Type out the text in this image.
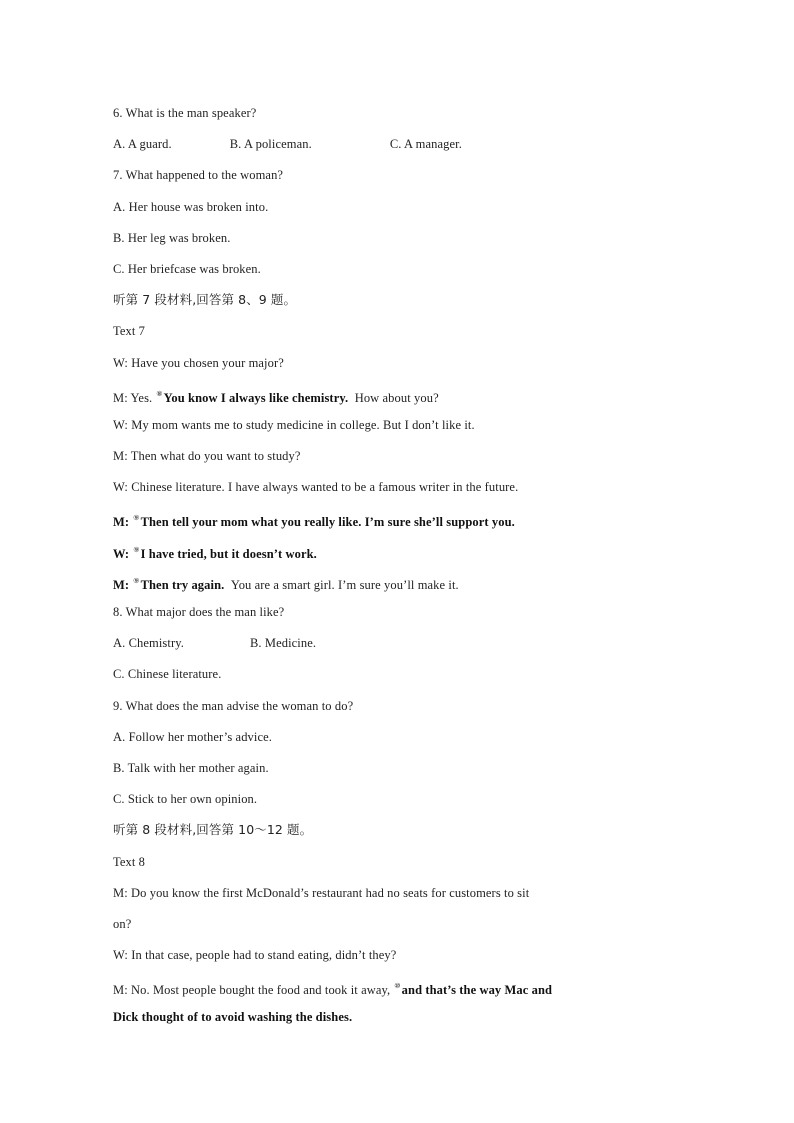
6. What is the man speaker?
A. A guard.	B. A policeman.	C. A manager.
7. What happened to the woman?
A. Her house was broken into.
B. Her leg was broken.
C. Her briefcase was broken.
听第 7 段材料,回答第 8、9 题。
Text 7
W: Have you chosen your major?
M: Yes. ⑧You know I always like chemistry. How about you?
W: My mom wants me to study medicine in college. But I don’t like it.
M: Then what do you want to study?
W: Chinese literature. I have always wanted to be a famous writer in the future.
M: ⑨Then tell your mom what you really like. I’m sure she’ll support you.
W: ⑨I have tried, but it doesn’t work.
M: ⑨Then try again. You are a smart girl. I’m sure you’ll make it.
8. What major does the man like?
A. Chemistry.	B. Medicine.
C. Chinese literature.
9. What does the man advise the woman to do?
A. Follow her mother’s advice.
B. Talk with her mother again.
C. Stick to her own opinion.
听第 8 段材料,回答第 10～12 题。
Text 8
M: Do you know the first McDonald’s restaurant had no seats for customers to sit
on?
W: In that case, people had to stand eating, didn’t they?
M: No. Most people bought the food and took it away, ⑩and that’s the way Mac and
Dick thought of to avoid washing the dishes.
